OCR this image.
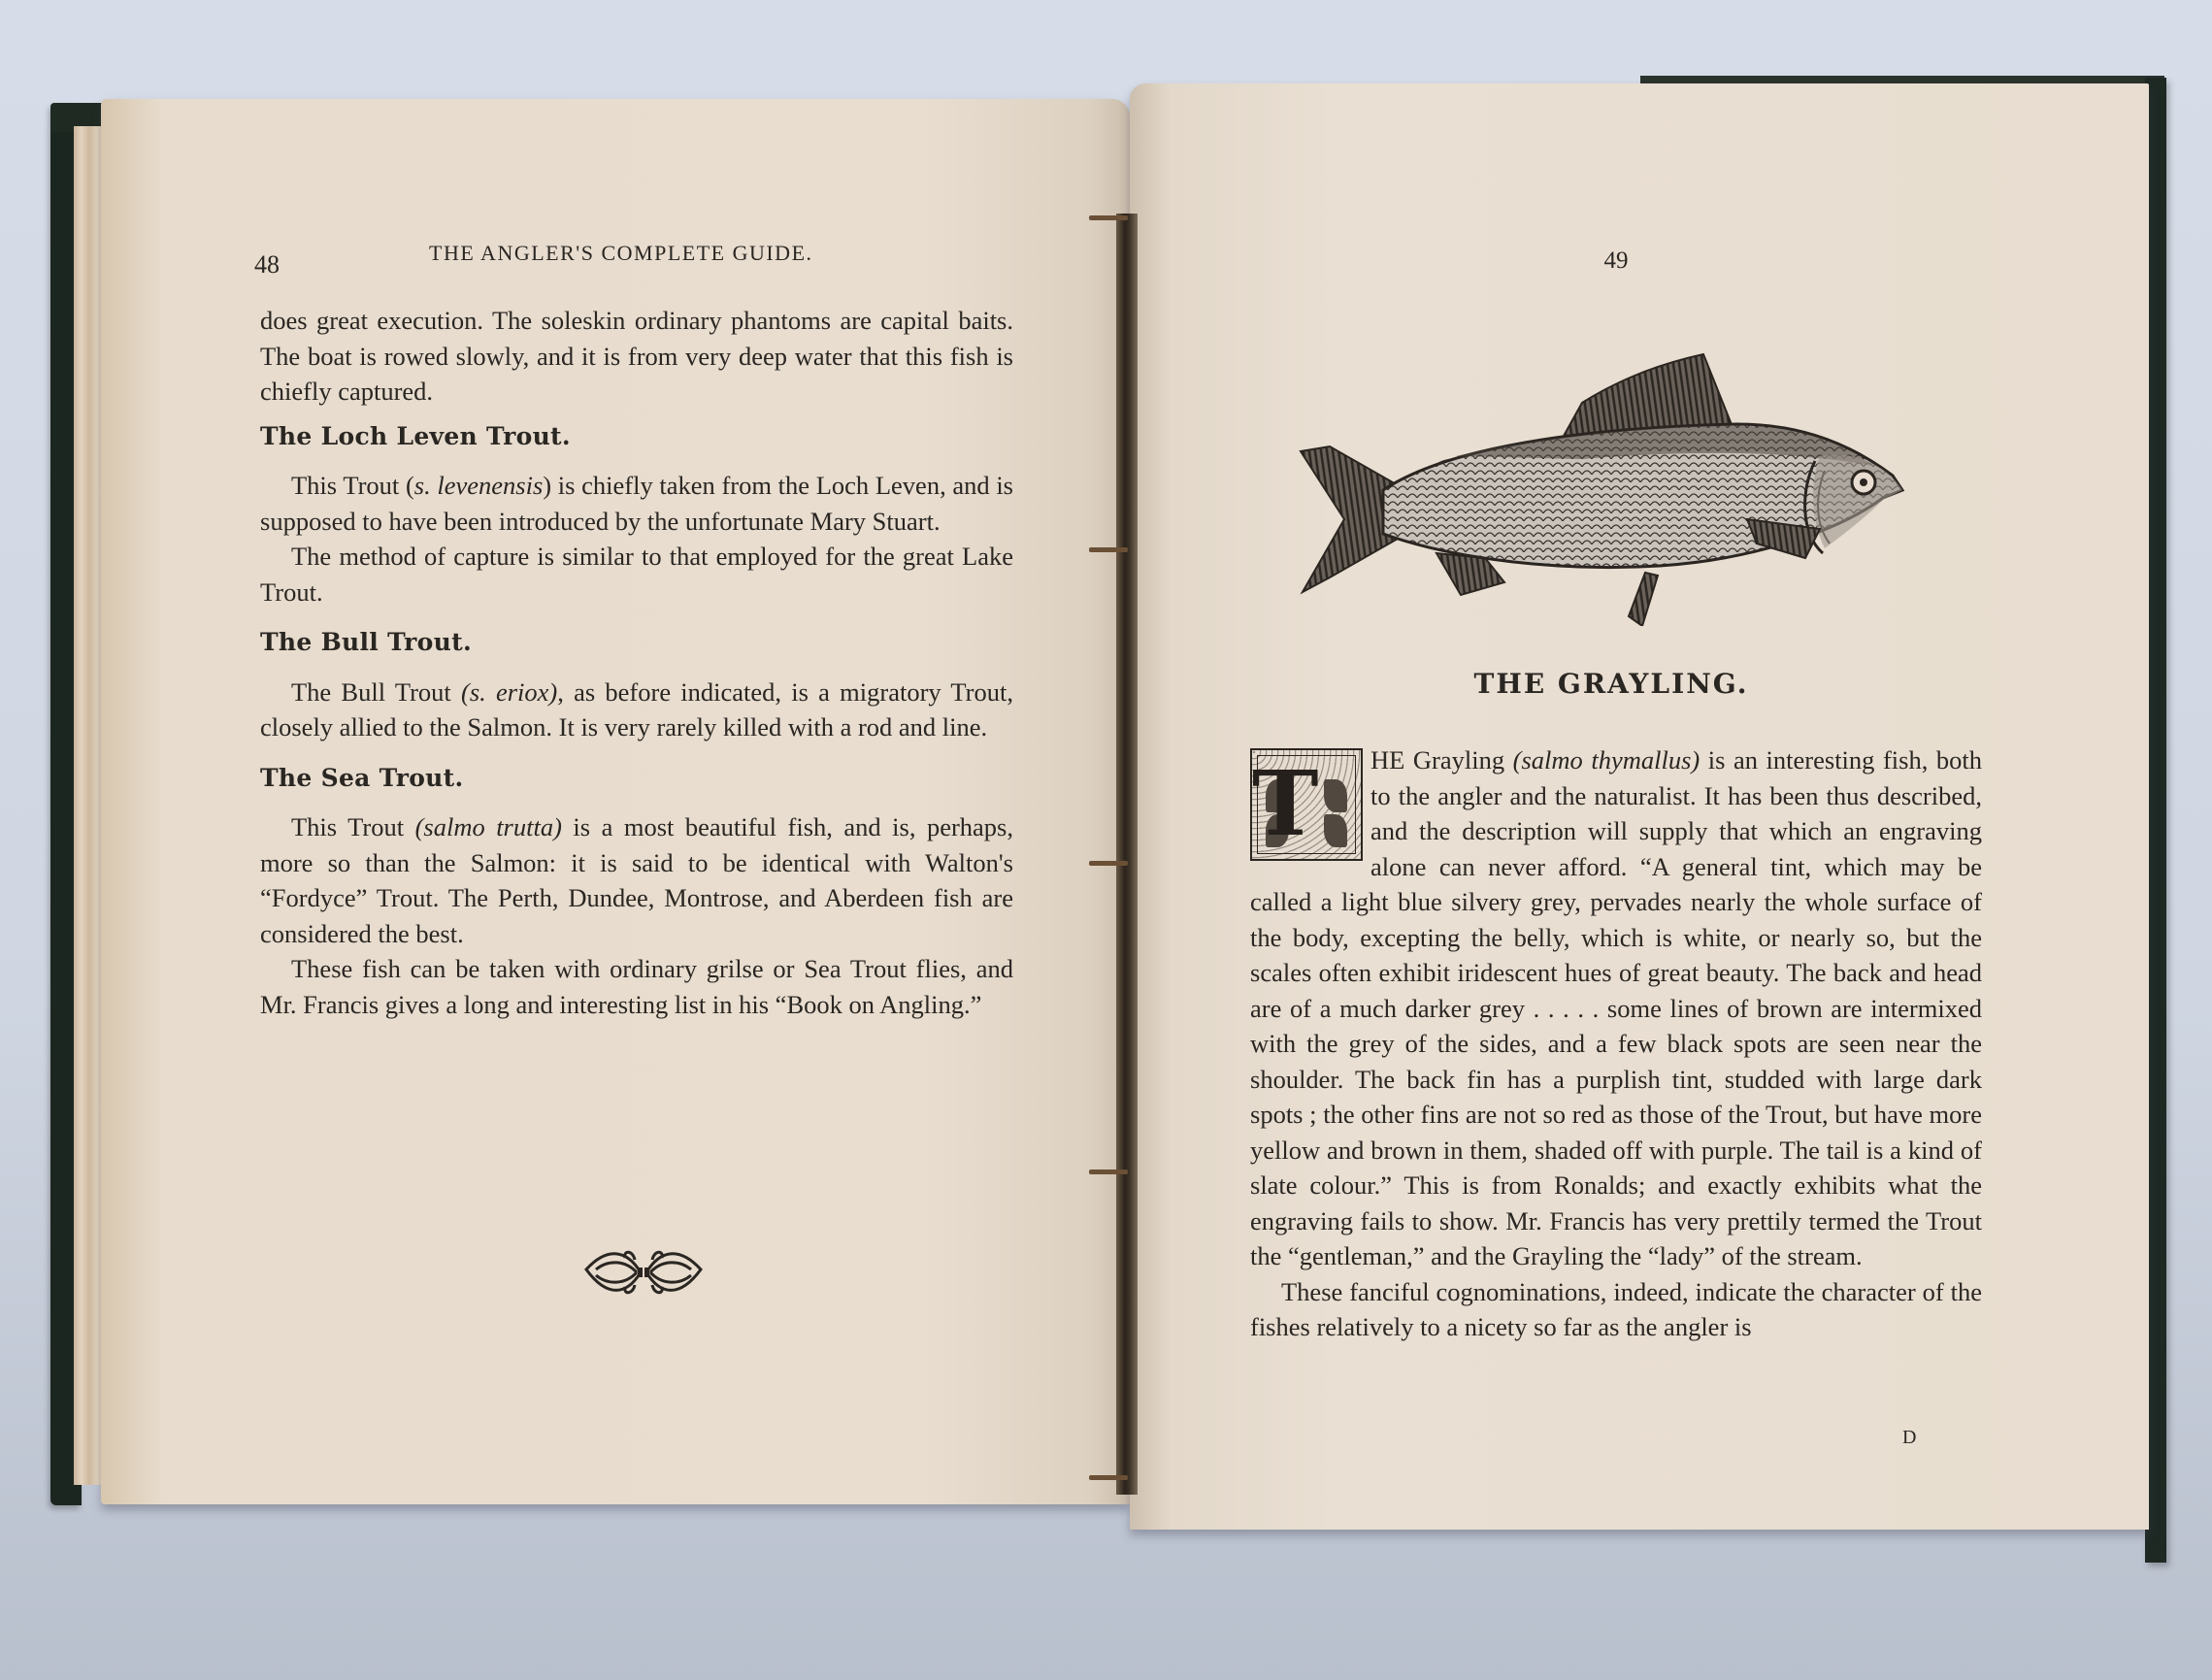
48	THE ANGLER'S COMPLETE GUIDE.

does great execution. The soleskin ordinary phantoms are capital baits. The boat is rowed slowly, and it is from very deep water that this fish is chiefly captured.

The Loch Leven Trout.

This Trout (s. levenensis) is chiefly taken from the Loch Leven, and is supposed to have been introduced by the unfortunate Mary Stuart.

The method of capture is similar to that employed for the great Lake Trout.

The Bull Trout.

The Bull Trout (s. eriox), as before indicated, is a migratory Trout, closely allied to the Salmon. It is very rarely killed with a rod and line.

The Sea Trout.

This Trout (salmo trutta) is a most beautiful fish, and is, perhaps, more so than the Salmon: it is said to be identical with Walton's “Fordyce” Trout. The Perth, Dundee, Montrose, and Aberdeen fish are considered the best.

These fish can be taken with ordinary grilse or Sea Trout flies, and Mr. Francis gives a long and interesting list in his “Book on Angling.”

49
THE GRAYLING.
T	HE Grayling (salmo thymallus) is an interesting fish, both to the angler and the naturalist. It has been thus described, and the description will supply that which an engraving alone can never afford. “A general tint, which may be called a light blue silvery grey, pervades nearly the whole surface of the body, excepting the belly, which is white, or nearly so, but the scales often exhibit iridescent hues of great beauty. The back and head are of a much darker grey . . . . . some lines of brown are intermixed with the grey of the sides, and a few black spots are seen near the shoulder. The back fin has a purplish tint, studded with large dark spots ; the other fins are not so red as those of the Trout, but have more yellow and brown in them, shaded off with purple. The tail is a kind of slate colour.” This is from Ronalds; and exactly exhibits what the engraving fails to show. Mr. Francis has very prettily termed the Trout the “gentleman,” and the Grayling the “lady” of the stream.

These fanciful cognominations, indeed, indicate the character of the fishes relatively to a nicety so far as the angler is

D
